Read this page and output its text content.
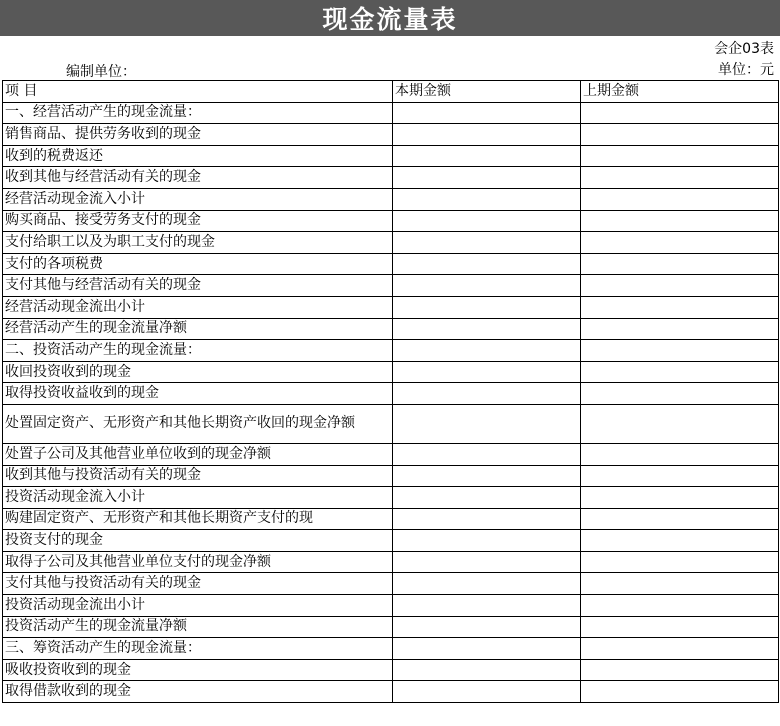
现金流量表
会企03表
编制单位：	单位：元
项 目	本期金额	上期金额
一、经营活动产生的现金流量：		
销售商品、提供劳务收到的现金		
收到的税费返还		
收到其他与经营活动有关的现金		
经营活动现金流入小计		
购买商品、接受劳务支付的现金		
支付给职工以及为职工支付的现金		
支付的各项税费		
支付其他与经营活动有关的现金		
经营活动现金流出小计		
经营活动产生的现金流量净额		
二、投资活动产生的现金流量：		
收回投资收到的现金		
取得投资收益收到的现金		
处置固定资产、无形资产和其他长期资产收回的现金净额		
处置子公司及其他营业单位收到的现金净额		
收到其他与投资活动有关的现金		
投资活动现金流入小计		
购建固定资产、无形资产和其他长期资产支付的现		
投资支付的现金		
取得子公司及其他营业单位支付的现金净额		
支付其他与投资活动有关的现金		
投资活动现金流出小计		
投资活动产生的现金流量净额		
三、筹资活动产生的现金流量：		
吸收投资收到的现金		
取得借款收到的现金		
